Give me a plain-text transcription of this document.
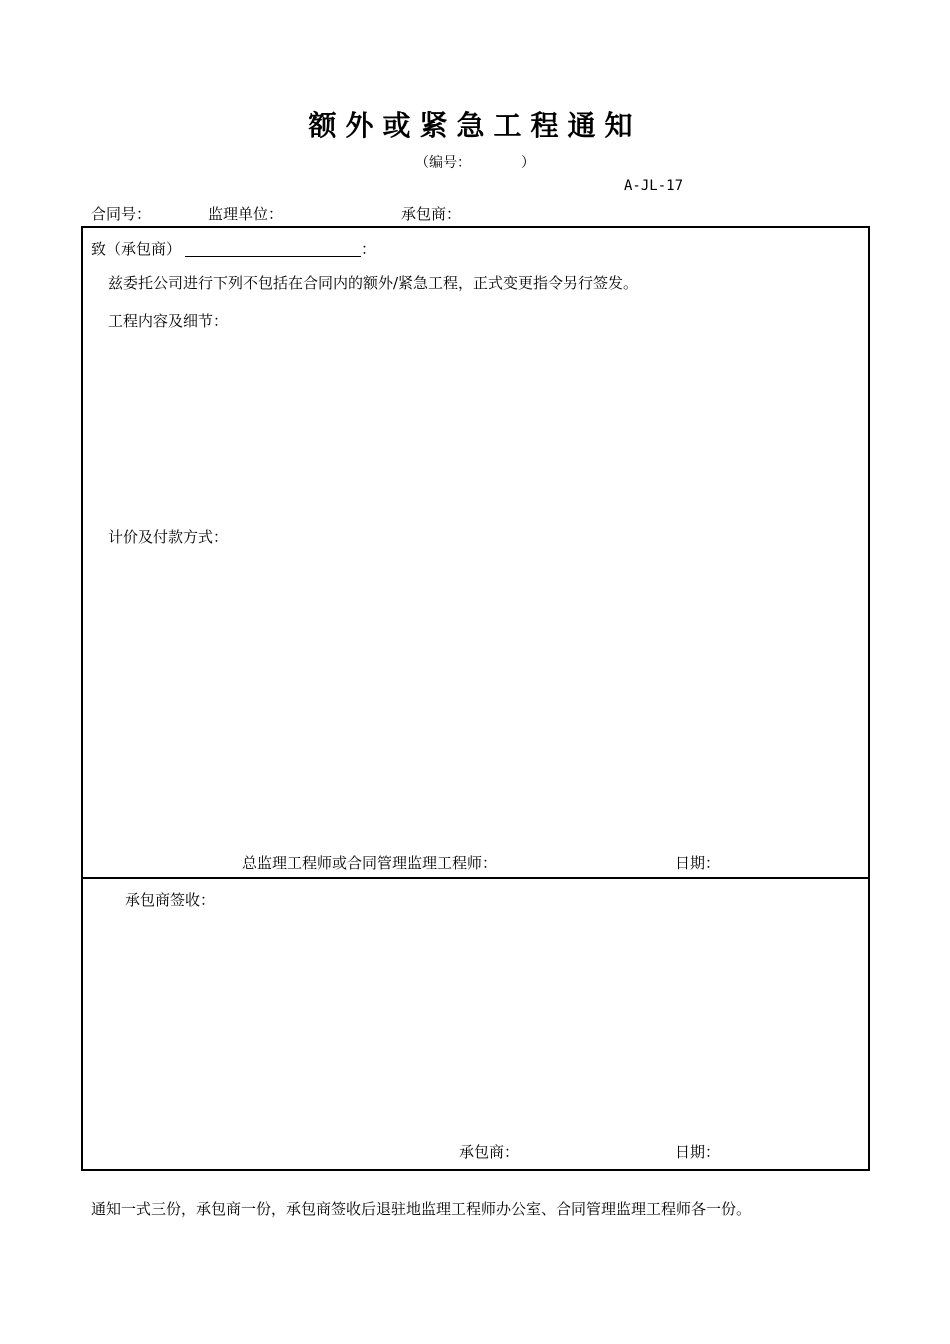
额外或紧急工程通知
（编号：	）
A-JL-17
合同号：	监理单位：	承包商：
致（承包商）	：
兹委托公司进行下列不包括在合同内的额外/紧急工程，正式变更指令另行签发。
工程内容及细节：
计价及付款方式：
总监理工程师或合同管理监理工程师：	日期：
承包商签收：
承包商：	日期：
通知一式三份，承包商一份，承包商签收后退驻地监理工程师办公室、合同管理监理工程师各一份。
